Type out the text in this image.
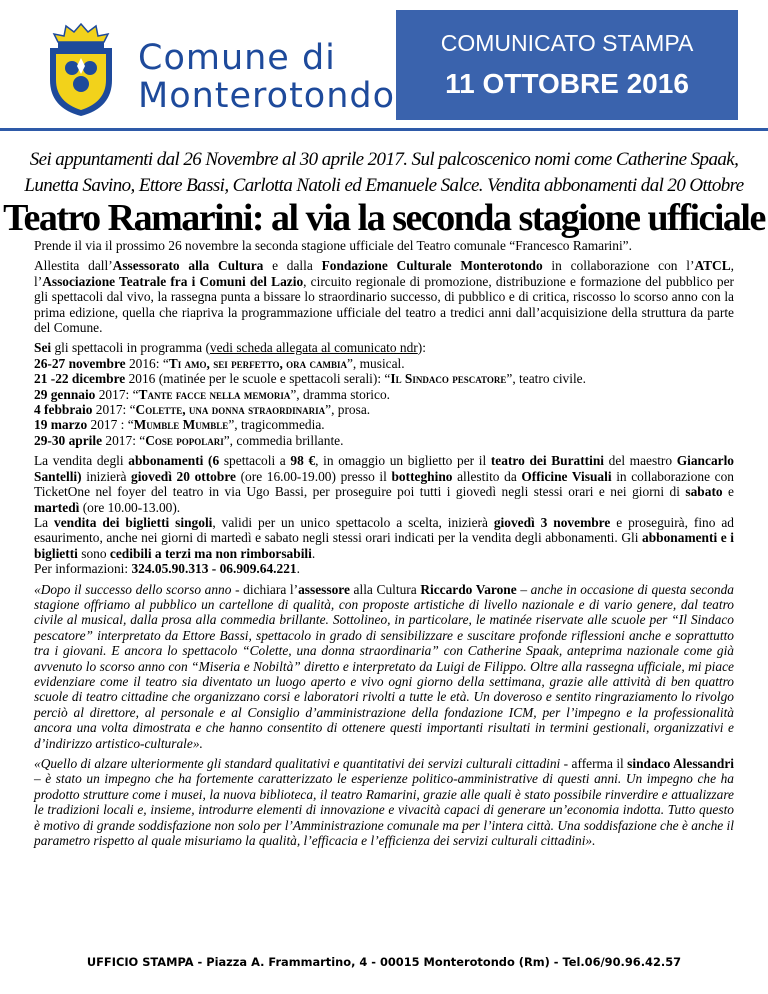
Comune di
Monterotondo
COMUNICATO STAMPA
11 OTTOBRE 2016
Sei appuntamenti dal 26 Novembre al 30 aprile 2017. Sul palcoscenico nomi come Catherine Spaak,
Lunetta Savino, Ettore Bassi, Carlotta Natoli ed Emanuele Salce. Vendita abbonamenti dal 20 Ottobre
Teatro Ramarini: al via la seconda stagione ufficiale

Prende il via il prossimo 26 novembre la seconda stagione ufficiale del Teatro comunale “Francesco Ramarini”.

Allestita dall’Assessorato alla Cultura e dalla Fondazione Culturale Monterotondo in collaborazione con l’ATCL, l’Associazione Teatrale fra i Comuni del Lazio, circuito regionale di promozione, distribuzione e formazione del pubblico per gli spettacoli dal vivo, la rassegna punta a bissare lo straordinario successo, di pubblico e di critica, riscosso lo scorso anno con la prima edizione, quella che riapriva la programmazione ufficiale del teatro a tredici anni dall’acquisizione della struttura da parte del Comune.

Sei gli spettacoli in programma (vedi scheda allegata al comunicato ndr):
26-27 novembre 2016: “Ti amo, sei perfetto, ora cambia”, musical.
21 -22 dicembre 2016 (matinée per le scuole e spettacoli serali): “Il Sindaco pescatore”, teatro civile.
29 gennaio 2017: “Tante facce nella memoria”, dramma storico.
4 febbraio 2017: “Colette, una donna straordinaria”, prosa.
19 marzo 2017 : “Mumble Mumble”, tragicommedia.

29-30 aprile 2017: “Cose popolari”, commedia brillante.

La vendita degli abbonamenti (6 spettacoli a 98 €, in omaggio un biglietto per il teatro dei Burattini del maestro Giancarlo Santelli) inizierà giovedì 20 ottobre (ore 16.00-19.00) presso il botteghino allestito da Officine Visuali in collaborazione con TicketOne nel foyer del teatro in via Ugo Bassi, per proseguire poi tutti i giovedì negli stessi orari e nei giorni di sabato e martedì (ore 10.00-13.00).
La vendita dei biglietti singoli, validi per un unico spettacolo a scelta, inizierà giovedì 3 novembre e proseguirà, fino ad esaurimento, anche nei giorni di martedì e sabato negli stessi orari indicati per la vendita degli abbonamenti. Gli abbonamenti e i biglietti sono cedibili a terzi ma non rimborsabili.
Per informazioni: 324.05.90.313 - 06.909.64.221.

«Dopo il successo dello scorso anno - dichiara l’assessore alla Cultura Riccardo Varone – anche in occasione di questa seconda stagione offriamo al pubblico un cartellone di qualità, con proposte artistiche di livello nazionale e di vario genere, dal teatro civile al musical, dalla prosa alla commedia brillante. Sottolineo, in particolare, le matinée riservate alle scuole per “Il Sindaco pescatore” interpretato da Ettore Bassi, spettacolo in grado di sensibilizzare e suscitare profonde riflessioni anche e soprattutto tra i giovani. E ancora lo spettacolo “Colette, una donna straordinaria” con Catherine Spaak, anteprima nazionale come già avvenuto lo scorso anno con “Miseria e Nobiltà” diretto e interpretato da Luigi de Filippo. Oltre alla rassegna ufficiale, mi piace evidenziare come il teatro sia diventato un luogo aperto e vivo ogni giorno della settimana, grazie alle attività di ben quattro scuole di teatro cittadine che organizzano corsi e laboratori rivolti a tutte le età. Un doveroso e sentito ringraziamento lo rivolgo perciò al direttore, al personale e al Consiglio d’amministrazione della fondazione ICM, per l’impegno e la professionalità ancora una volta dimostrata e che hanno consentito di ottenere questi importanti risultati in termini gestionali, organizzativi e d’indirizzo artistico-culturale».

«Quello di alzare ulteriormente gli standard qualitativi e quantitativi dei servizi culturali cittadini - afferma il sindaco Alessandri – è stato un impegno che ha fortemente caratterizzato le esperienze politico-amministrative di questi anni. Un impegno che ha prodotto strutture come i musei, la nuova biblioteca, il teatro Ramarini, grazie alle quali è stato possibile rinverdire e attualizzare le tradizioni locali e, insieme, introdurre elementi di innovazione e vivacità capaci di generare un’economia indotta. Tutto questo è motivo di grande soddisfazione non solo per l’Amministrazione comunale ma per l’intera città. Una soddisfazione che è anche il parametro rispetto al quale misuriamo la qualità, l’efficacia e l’efficienza dei servizi culturali cittadini».

UFFICIO STAMPA - Piazza A. Frammartino, 4 - 00015 Monterotondo (Rm) - Tel.06/90.96.42.57
